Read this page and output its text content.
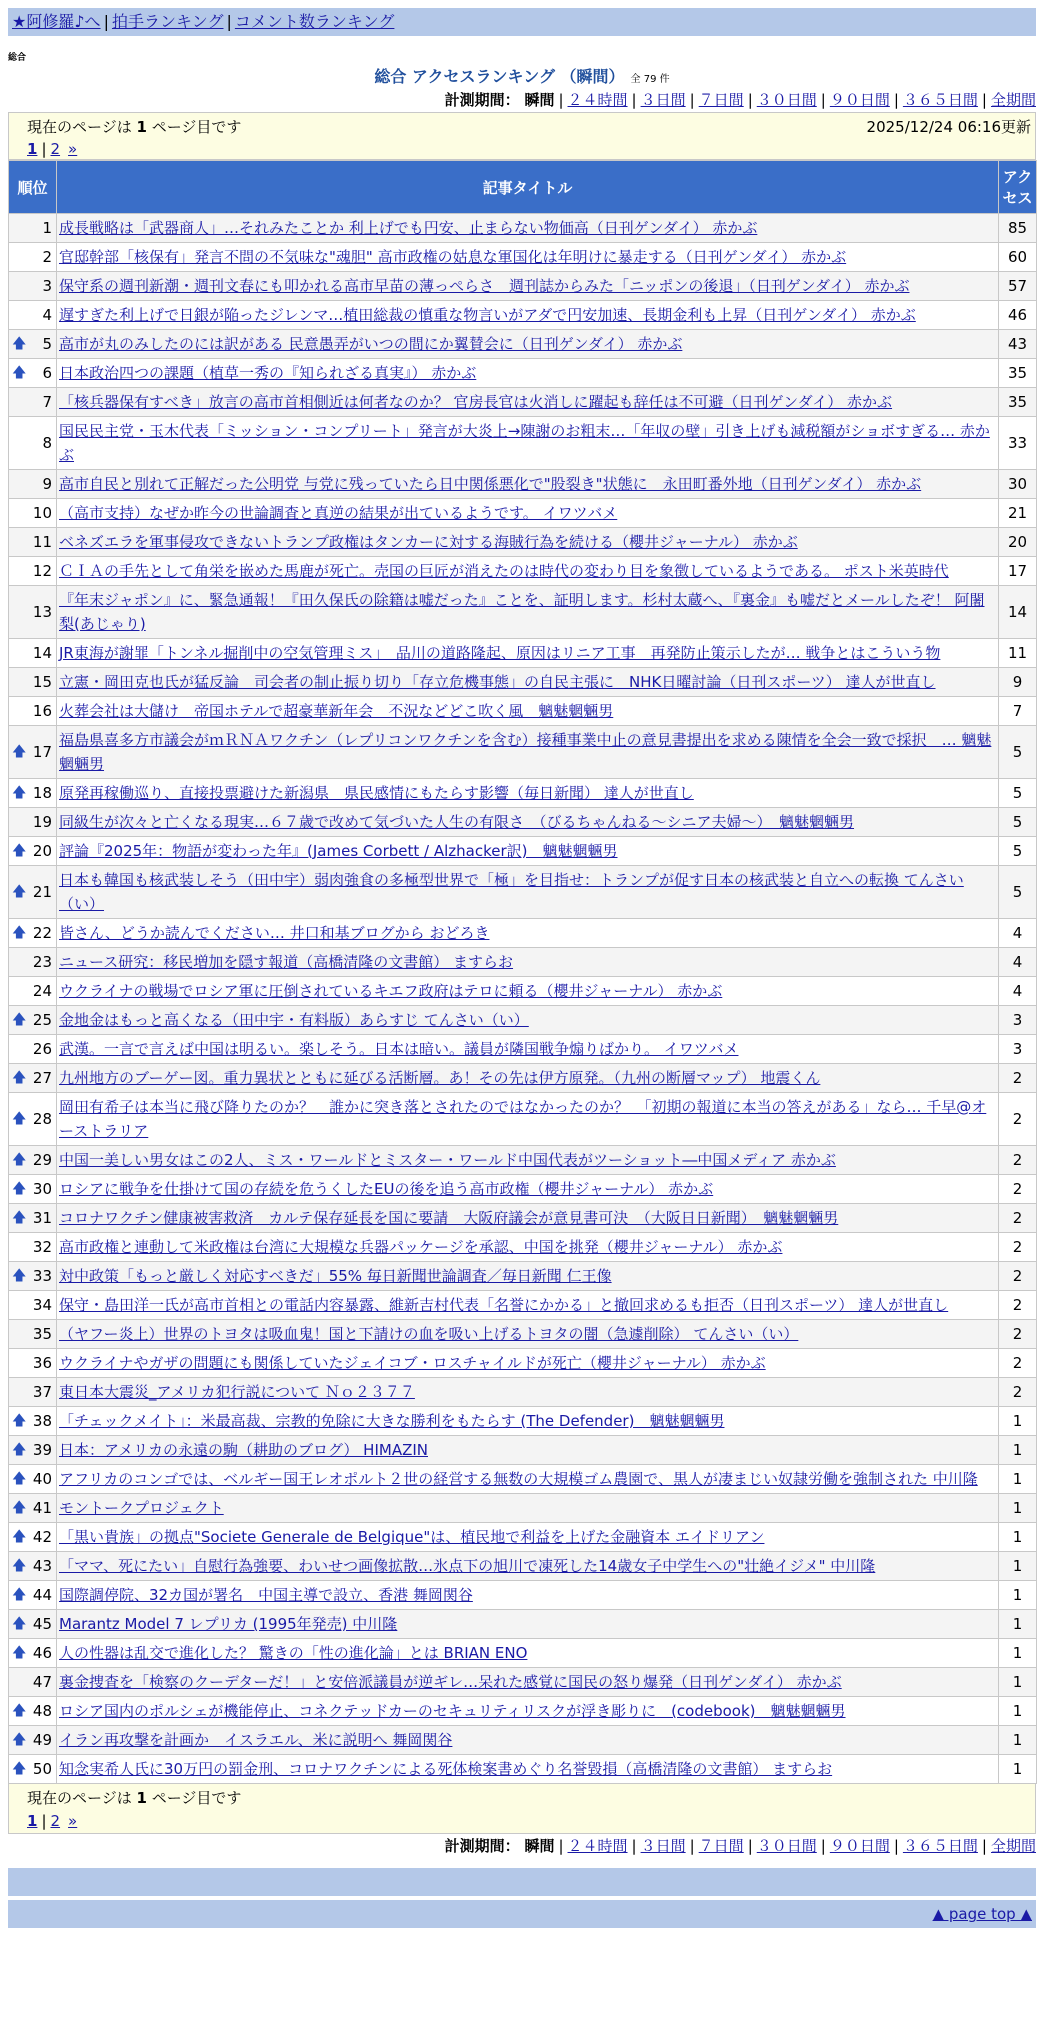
★阿修羅♪へ | 拍手ランキング | コメント数ランキング
総合
総合 アクセスランキング （瞬間） 全 79 件
計測期間： 瞬間 | ２４時間 | ３日間 | ７日間 | ３０日間 | ９０日間 | ３６５日間 | 全期間
現在のページは 1 ページ目です	2025/12/24 06:16更新
1 | 2 »
順位	記事タイトル	アクセス
1	成長戦略は「武器商人」…それみたことか 利上げでも円安、止まらない物価高（日刊ゲンダイ） 赤かぶ	85
2	官邸幹部「核保有」発言不問の不気味な"魂胆" 高市政権の姑息な軍国化は年明けに暴走する（日刊ゲンダイ） 赤かぶ	60
3	保守系の週刊新潮・週刊文春にも叩かれる高市早苗の薄っぺらさ　週刊誌からみた「ニッポンの後退」（日刊ゲンダイ） 赤かぶ	57
4	遅すぎた利上げで日銀が陥ったジレンマ…植田総裁の慎重な物言いがアダで円安加速、長期金利も上昇（日刊ゲンダイ） 赤かぶ	46

🡅 5	高市が丸のみしたのには訳がある 民意愚弄がいつの間にか翼賛会に（日刊ゲンダイ） 赤かぶ	43

🡅 6	日本政治四つの課題（植草一秀の『知られざる真実』） 赤かぶ	35
7	「核兵器保有すべき」放言の高市首相側近は何者なのか？ 官房長官は火消しに躍起も辞任は不可避（日刊ゲンダイ） 赤かぶ	35
8	国民民主党・玉木代表「ミッション・コンプリート」発言が大炎上→陳謝のお粗末…「年収の壁」引き上げも減税額がショボすぎる… 赤かぶ	33
9	高市自民と別れて正解だった公明党 与党に残っていたら日中関係悪化で"股裂き"状態に　永田町番外地（日刊ゲンダイ） 赤かぶ	30
10	（高市支持）なぜか昨今の世論調査と真逆の結果が出ているようです。 イワツバメ	21
11	ベネズエラを軍事侵攻できないトランプ政権はタンカーに対する海賊行為を続ける（櫻井ジャーナル） 赤かぶ	20
12	ＣＩＡの手先として角栄を嵌めた馬鹿が死亡。売国の巨匠が消えたのは時代の変わり目を象徴しているようである。 ポスト米英時代	17
13	『年末ジャポン』に、緊急通報！『田久保氏の除籍は嘘だった』ことを、証明します。杉村太蔵へ、『裏金』も嘘だとメールしたぞ！ 阿闍梨(あじゃり)	14
14	JR東海が謝罪「トンネル掘削中の空気管理ミス」　品川の道路隆起、原因はリニア工事　再発防止策示したが… 戦争とはこういう物	11
15	立憲・岡田克也氏が猛反論　司会者の制止振り切り「存立危機事態」の自民主張に　NHK日曜討論（日刊スポーツ） 達人が世直し	9
16	火葬会社は大儲け　帝国ホテルで超豪華新年会　不況などどこ吹く風　魑魅魍魎男	7

🡅 17	福島県喜多方市議会がｍＲＮＡワクチン（レプリコンワクチンを含む）接種事業中止の意見書提出を求める陳情を全会一致で採択　… 魑魅魍魎男	5

🡅 18	原発再稼働巡り、直接投票避けた新潟県　県民感情にもたらす影響（毎日新聞） 達人が世直し	5
19	同級生が次々と亡くなる現実…６７歳で改めて気づいた人生の有限さ　（びるちゃんねる～シニア夫婦～）　魑魅魍魎男	5

🡅 20	評論『2025年：物語が変わった年』(James Corbett / Alzhacker訳)　魑魅魍魎男	5

🡅 21	日本も韓国も核武装しそう（田中宇）弱肉強食の多極型世界で「極」を目指せ：トランプが促す日本の核武装と自立への転換 てんさい（い）	5

🡅 22	皆さん、どうか読んでください… 井口和基ブログから おどろき	4
23	ニュース研究：移民増加を隠す報道（高橋清隆の文書館） ますらお	4
24	ウクライナの戦場でロシア軍に圧倒されているキエフ政府はテロに頼る（櫻井ジャーナル） 赤かぶ	4

🡅 25	金地金はもっと高くなる（田中宇・有料版）あらすじ てんさい（い）	3
26	武漢。一言で言えば中国は明るい。楽しそう。日本は暗い。議員が隣国戦争煽りばかり。 イワツバメ	3

🡅 27	九州地方のブーゲー図。重力異状とともに延びる活断層。あ！その先は伊方原発。（九州の断層マップ） 地震くん	2

🡅 28	岡田有希子は本当に飛び降りたのか？　誰かに突き落とされたのではなかったのか？　「初期の報道に本当の答えがある」なら… 千早@オーストラリア	2

🡅 29	中国一美しい男女はこの2人、ミス・ワールドとミスター・ワールド中国代表がツーショット―中国メディア 赤かぶ	2

🡅 30	ロシアに戦争を仕掛けて国の存続を危うくしたEUの後を追う高市政権（櫻井ジャーナル） 赤かぶ	2

🡅 31	コロナワクチン健康被害救済　カルテ保存延長を国に要請　大阪府議会が意見書可決　（大阪日日新聞）　魑魅魍魎男	2
32	高市政権と連動して米政権は台湾に大規模な兵器パッケージを承認、中国を挑発（櫻井ジャーナル） 赤かぶ	2

🡅 33	対中政策「もっと厳しく対応すべきだ」55% 毎日新聞世論調査／毎日新聞 仁王像	2
34	保守・島田洋一氏が高市首相との電話内容暴露、維新吉村代表「名誉にかかる」と撤回求めるも拒否（日刊スポーツ） 達人が世直し	2
35	（ヤフー炎上）世界のトヨタは吸血鬼！国と下請けの血を吸い上げるトヨタの闇（急遽削除） てんさい（い）	2
36	ウクライナやガザの問題にも関係していたジェイコブ・ロスチャイルドが死亡（櫻井ジャーナル） 赤かぶ	2
37	東日本大震災_アメリカ犯行説について Ｎｏ２３７７	2

🡅 38	「チェックメイト」：米最高裁、宗教的免除に大きな勝利をもたらす (The Defender)　魑魅魍魎男	1

🡅 39	日本：アメリカの永遠の駒（耕助のブログ） HIMAZIN	1

🡅 40	アフリカのコンゴでは、ベルギー国王レオポルト２世の経営する無数の大規模ゴム農園で、黒人が凄まじい奴隷労働を強制された 中川隆	1

🡅 41	モントークプロジェクト	1

🡅 42	「黒い貴族」の拠点"Societe Generale de Belgique"は、植民地で利益を上げた金融資本 エイドリアン	1

🡅 43	「ママ、死にたい」自慰行為強要、わいせつ画像拡散…氷点下の旭川で凍死した14歳女子中学生への"壮絶イジメ" 中川隆	1

🡅 44	国際調停院、32カ国が署名　中国主導で設立、香港 舞岡関谷	1

🡅 45	Marantz Model 7 レプリカ (1995年発売) 中川隆	1

🡅 46	人の性器は乱交で進化した？ 驚きの「性の進化論」とは BRIAN ENO	1
47	裏金捜査を「検察のクーデターだ！」と安倍派議員が逆ギレ…呆れた感覚に国民の怒り爆発（日刊ゲンダイ） 赤かぶ	1

🡅 48	ロシア国内のポルシェが機能停止、コネクテッドカーのセキュリティリスクが浮き彫りに　(codebook)　魑魅魍魎男	1

🡅 49	イラン再攻撃を計画か　イスラエル、米に説明へ 舞岡関谷	1

🡅 50	知念実希人氏に30万円の罰金刑、コロナワクチンによる死体検案書めぐり名誉毀損（高橋清隆の文書館） ますらお	1
現在のページは 1 ページ目です
1 | 2 »
計測期間： 瞬間 | ２４時間 | ３日間 | ７日間 | ３０日間 | ９０日間 | ３６５日間 | 全期間
▲ page top ▲
